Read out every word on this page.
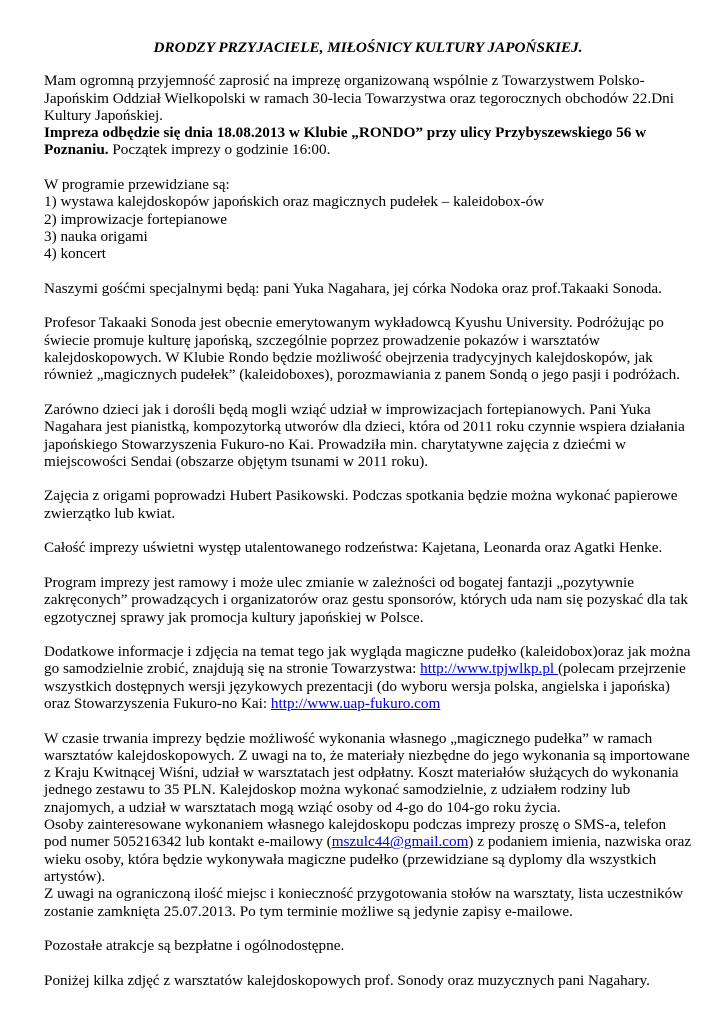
DRODZY PRZYJACIELE, MIŁOŚNICY KULTURY JAPOŃSKIEJ.

Mam ogromną przyjemność zaprosić na imprezę organizowaną wspólnie z Towarzystwem Polsko-Japońskim Oddział Wielkopolski w ramach 30-lecia Towarzystwa oraz tegorocznych obchodów 22.Dni Kultury Japońskiej.
Impreza odbędzie się dnia 18.08.2013 w Klubie „RONDO” przy ulicy Przybyszewskiego 56 w Poznaniu. Początek imprezy o godzinie 16:00.

W programie przewidziane są:
1) wystawa kalejdoskopów japońskich oraz magicznych pudełek – kaleidobox-ów
2) improwizacje fortepianowe
3) nauka origami
4) koncert

Naszymi gośćmi specjalnymi będą: pani Yuka Nagahara, jej córka Nodoka oraz prof.Takaaki Sonoda.

Profesor Takaaki Sonoda jest obecnie emerytowanym wykładowcą Kyushu University. Podróżując po świecie promuje kulturę japońską, szczególnie poprzez prowadzenie pokazów i warsztatów kalejdoskopowych. W Klubie Rondo będzie możliwość obejrzenia tradycyjnych kalejdoskopów, jak również „magicznych pudełek” (kaleidoboxes), porozmawiania z panem Sondą o jego pasji i podróżach.

Zarówno dzieci jak i dorośli będą mogli wziąć udział w improwizacjach fortepianowych. Pani Yuka Nagahara jest pianistką, kompozytorką utworów dla dzieci, która od 2011 roku czynnie wspiera działania japońskiego Stowarzyszenia Fukuro-no Kai. Prowadziła min. charytatywne zajęcia z dziećmi w miejscowości Sendai (obszarze objętym tsunami w 2011 roku).

Zajęcia z origami poprowadzi Hubert Pasikowski. Podczas spotkania będzie można wykonać papierowe zwierzątko lub kwiat.

Całość imprezy uświetni występ utalentowanego rodzeństwa: Kajetana, Leonarda oraz Agatki Henke.

Program imprezy jest ramowy i może ulec zmianie w zależności od bogatej fantazji „pozytywnie zakręconych” prowadzących i organizatorów oraz gestu sponsorów, których uda nam się pozyskać dla tak egzotycznej sprawy jak promocja kultury japońskiej w Polsce.

Dodatkowe informacje i zdjęcia na temat tego jak wygląda magiczne pudełko (kaleidobox)oraz jak można go samodzielnie zrobić, znajdują się na stronie Towarzystwa: http://www.tpjwlkp.pl (polecam przejrzenie wszystkich dostępnych wersji językowych prezentacji (do wyboru wersja polska, angielska i japońska) oraz Stowarzyszenia Fukuro-no Kai: http://www.uap-fukuro.com

W czasie trwania imprezy będzie możliwość wykonania własnego „magicznego pudełka” w ramach warsztatów kalejdoskopowych. Z uwagi na to, że materiały niezbędne do jego wykonania są importowane z Kraju Kwitnącej Wiśni, udział w warsztatach jest odpłatny. Koszt materiałów służących do wykonania jednego zestawu to 35 PLN. Kalejdoskop można wykonać samodzielnie, z udziałem rodziny lub znajomych, a udział w warsztatach mogą wziąć osoby od 4-go do 104-go roku życia.
Osoby zainteresowane wykonaniem własnego kalejdoskopu podczas imprezy proszę o SMS-a, telefon pod numer 505216342 lub kontakt e-mailowy (mszulc44@gmail.com) z podaniem imienia, nazwiska oraz wieku osoby, która będzie wykonywała magiczne pudełko (przewidziane są dyplomy dla wszystkich artystów).
Z uwagi na ograniczoną ilość miejsc i konieczność przygotowania stołów na warsztaty, lista uczestników zostanie zamknięta 25.07.2013. Po tym terminie możliwe są jedynie zapisy e-mailowe.

Pozostałe atrakcje są bezpłatne i ogólnodostępne.

Poniżej kilka zdjęć z warsztatów kalejdoskopowych prof. Sonody oraz muzycznych pani Nagahary.
